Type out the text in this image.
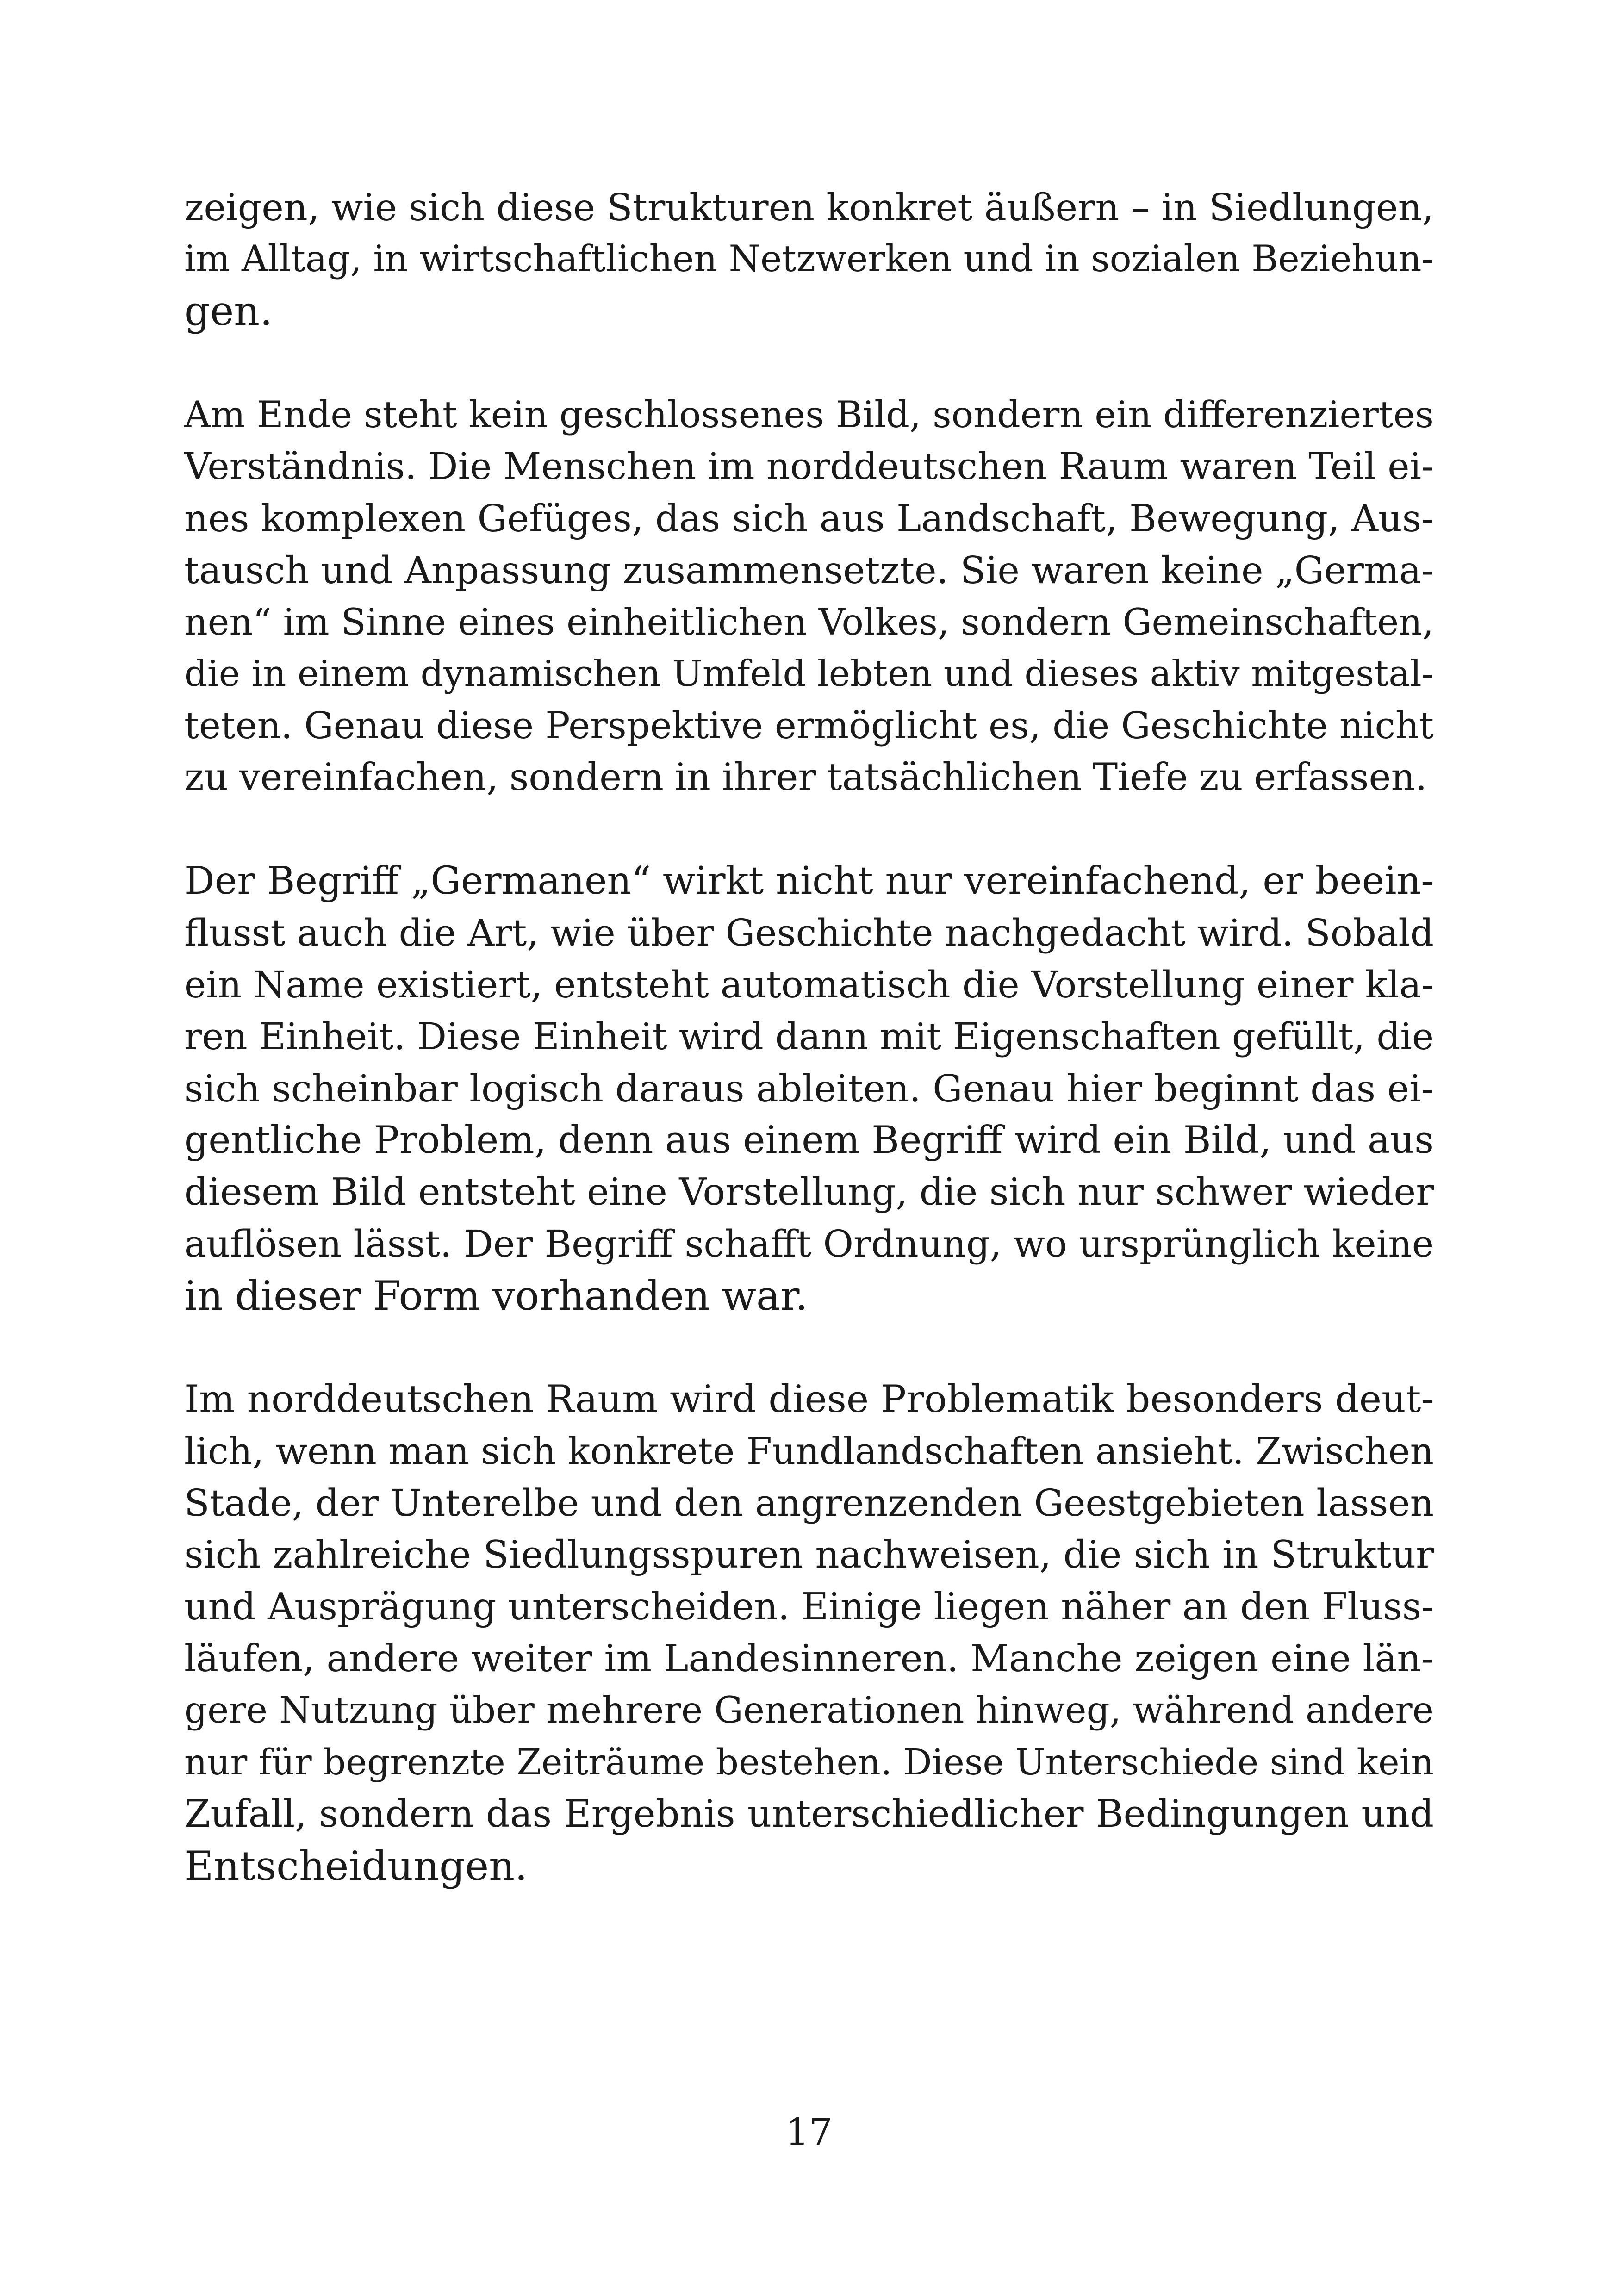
zeigen, wie sich diese Strukturen konkret äußern – in Siedlungen,
im Alltag, in wirtschaftlichen Netzwerken und in sozialen Beziehun-
gen.
Am Ende steht kein geschlossenes Bild, sondern ein differenziertes
Verständnis. Die Menschen im norddeutschen Raum waren Teil ei-
nes komplexen Gefüges, das sich aus Landschaft, Bewegung, Aus-
tausch und Anpassung zusammensetzte. Sie waren keine „Germa-
nen“ im Sinne eines einheitlichen Volkes, sondern Gemeinschaften,
die in einem dynamischen Umfeld lebten und dieses aktiv mitgestal-
teten. Genau diese Perspektive ermöglicht es, die Geschichte nicht
zu vereinfachen, sondern in ihrer tatsächlichen Tiefe zu erfassen.
Der Begriff „Germanen“ wirkt nicht nur vereinfachend, er beein-
flusst auch die Art, wie über Geschichte nachgedacht wird. Sobald
ein Name existiert, entsteht automatisch die Vorstellung einer kla-
ren Einheit. Diese Einheit wird dann mit Eigenschaften gefüllt, die
sich scheinbar logisch daraus ableiten. Genau hier beginnt das ei-
gentliche Problem, denn aus einem Begriff wird ein Bild, und aus
diesem Bild entsteht eine Vorstellung, die sich nur schwer wieder
auflösen lässt. Der Begriff schafft Ordnung, wo ursprünglich keine
in dieser Form vorhanden war.
Im norddeutschen Raum wird diese Problematik besonders deut-
lich, wenn man sich konkrete Fundlandschaften ansieht. Zwischen
Stade, der Unterelbe und den angrenzenden Geestgebieten lassen
sich zahlreiche Siedlungsspuren nachweisen, die sich in Struktur
und Ausprägung unterscheiden. Einige liegen näher an den Fluss-
läufen, andere weiter im Landesinneren. Manche zeigen eine län-
gere Nutzung über mehrere Generationen hinweg, während andere
nur für begrenzte Zeiträume bestehen. Diese Unterschiede sind kein
Zufall, sondern das Ergebnis unterschiedlicher Bedingungen und
Entscheidungen.
17
